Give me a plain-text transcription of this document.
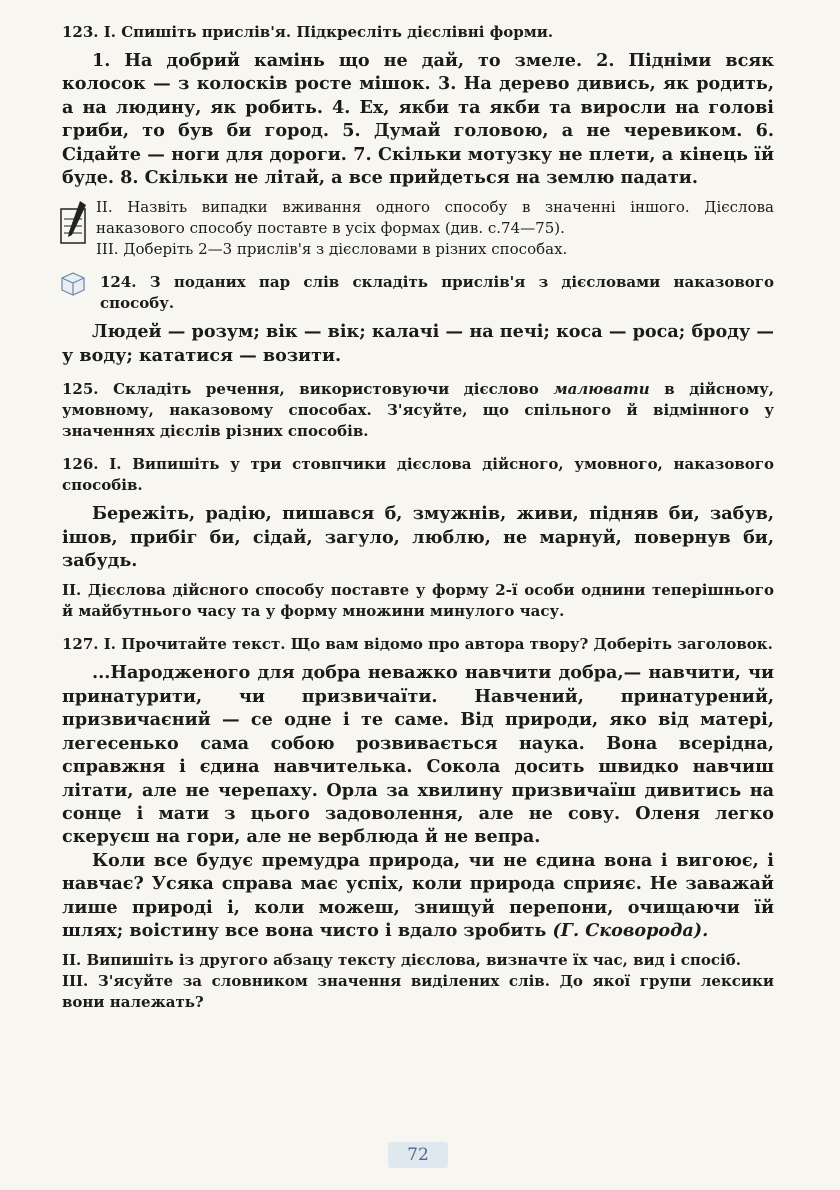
123. І. Спишіть прислів'я. Підкресліть дієслівні форми.

1. На добрий камінь що не дай, то змеле. 2. Підніми всяк колосок — з колосків росте мішок. 3. На дерево дивись, як родить, а на людину, як робить. 4. Ех, якби та якби та виросли на голові гриби, то був би город. 5. Думай головою, а не черевиком. 6. Сідайте — ноги для дороги. 7. Скільки мотузку не плети, а кінець їй буде. 8. Скільки не літай, а все прийдеться на землю падати.

ІІ. Назвіть випадки вживання одного способу в значенні іншого. Дієслова наказового способу поставте в усіх формах (див. с.74—75).

ІІІ. Доберіть 2—3 прислів'я з дієсловами в різних способах.

124. З поданих пар слів складіть прислів'я з дієсловами наказового способу.

Людей — розум; вік — вік; калачі — на печі; коса — роса; броду — у воду; кататися — возити.

125. Складіть речення, використовуючи дієслово малювати в дійсному, умовному, наказовому способах. З'ясуйте, що спільного й відмінного у значеннях дієслів різних способів.

126. І. Випишіть у три стовпчики дієслова дійсного, умовного, наказового способів.

Бережіть, радію, пишався б, змужнів, живи, підняв би, забув, ішов, прибіг би, сідай, загуло, люблю, не марнуй, повернув би, забудь.

ІІ. Дієслова дійсного способу поставте у форму 2-ї особи однини теперішнього й майбутнього часу та у форму множини минулого часу.

127. І. Прочитайте текст. Що вам відомо про автора твору? Доберіть заголовок.

...Народженого для добра неважко навчити добра,— навчити, чи принатурити, чи призвичаїти. Навчений, принатурений, призвичаєний — се одне і те саме. Від природи, яко від матері, легесенько сама собою розвивається наука. Вона всерідна, справжня і єдина навчителька. Сокола досить швидко навчиш літати, але не черепаху. Орла за хвилину призвичаїш дивитись на сонце і мати з цього задоволення, але не сову. Оленя легко скеруєш на гори, але не верблюда й не вепра.

Коли все будує премудра природа, чи не єдина вона і вигоює, і навчає? Усяка справа має успіх, коли природа сприяє. Не заважай лише природі і, коли можеш, знищуй перепони, очищаючи їй шлях; воістину все вона чисто і вдало зробить (Г. Сковорода).

ІІ. Випишіть із другого абзацу тексту дієслова, визначте їх час, вид і спосіб.

ІІІ. З'ясуйте за словником значення виділених слів. До якої групи лексики вони належать?

72
